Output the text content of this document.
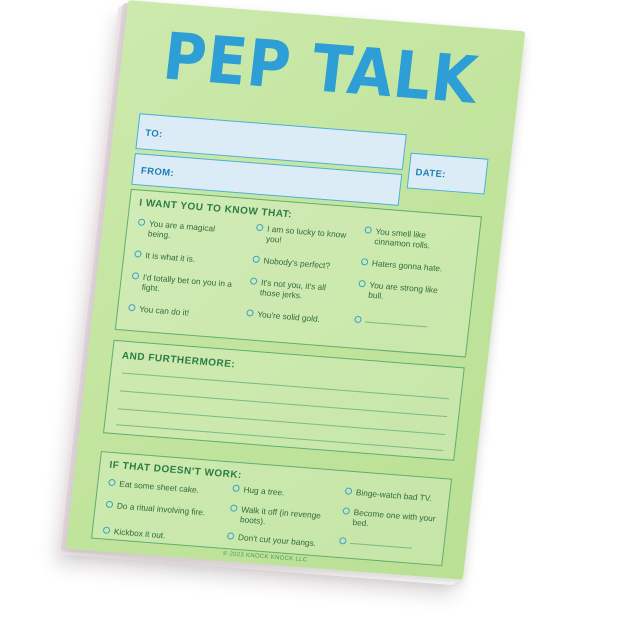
PEP TALK
TO:
DATE:
FROM:
I WANT YOU TO KNOW THAT:
You are a magical being.
It is what it is.
I'd totally bet on you in a fight.
You can do it!
I am so lucky to know you!
Nobody's perfect?
It's not you, it's all those jerks.
You're solid gold.
You smell like cinnamon rolls.
Haters gonna hate.
You are strong like bull.
AND FURTHERMORE:
IF THAT DOESN'T WORK:
Eat some sheet cake.
Do a ritual involving fire.
Kickbox it out.
Hug a tree.
Walk it off (in revenge boots).
Don't cut your bangs.
Binge-watch bad TV.
Become one with your bed.
© 2023 KNOCK KNOCK LLC
